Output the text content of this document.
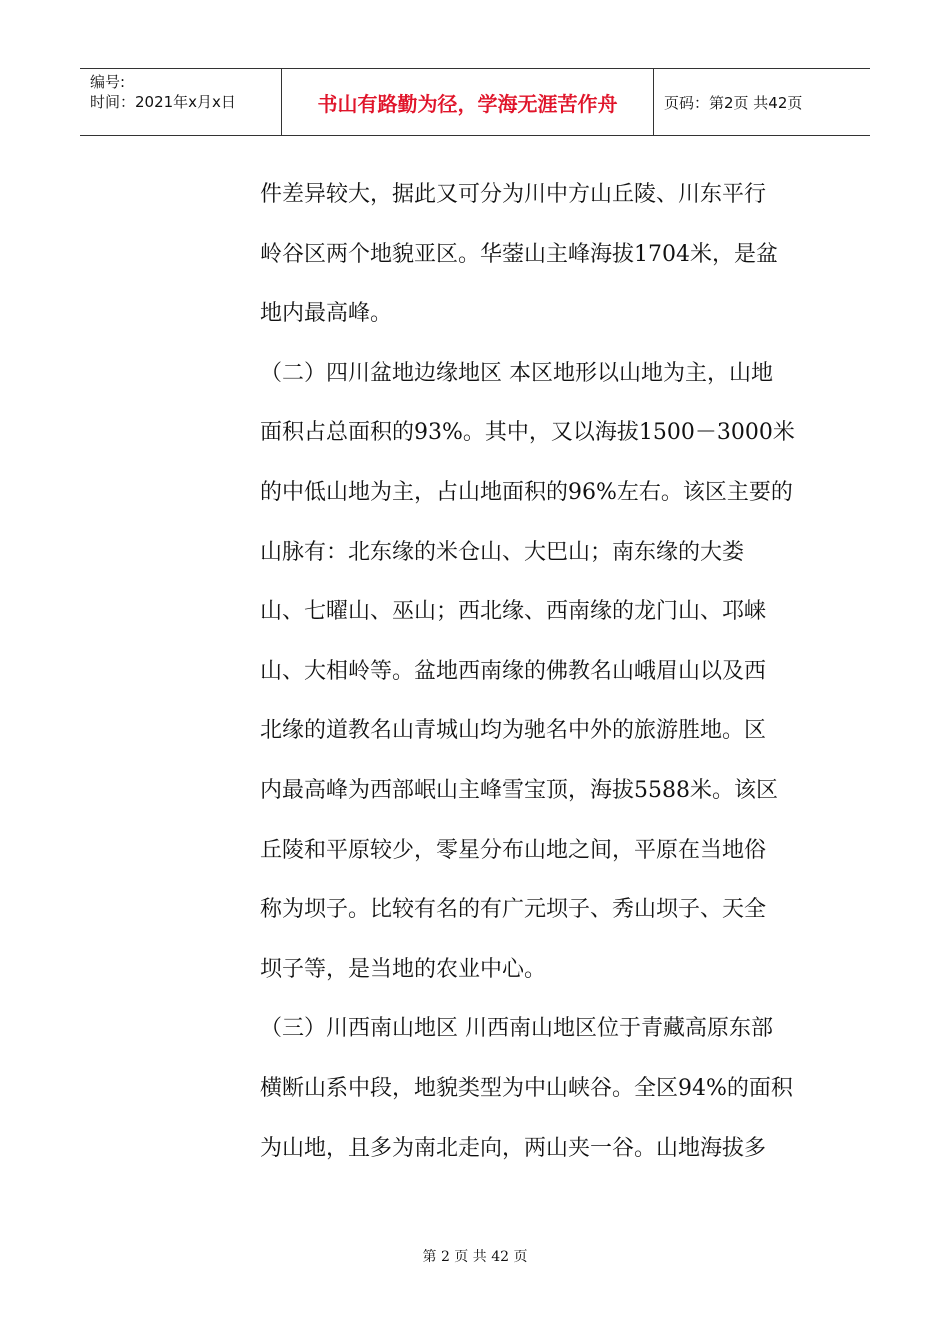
编号:
时间：2021年x月x日	书山有路勤为径，学海无涯苦作舟	页码：第2页 共42页
件差异较大，据此又可分为川中方山丘陵、川东平行
岭谷区两个地貌亚区。华蓥山主峰海拔1704米，是盆
地内最高峰。
（二）四川盆地边缘地区 本区地形以山地为主，山地
面积占总面积的93%。其中，又以海拔1500－3000米
的中低山地为主，占山地面积的96%左右。该区主要的
山脉有：北东缘的米仓山、大巴山；南东缘的大娄
山、七曜山、巫山；西北缘、西南缘的龙门山、邛崃
山、大相岭等。盆地西南缘的佛教名山峨眉山以及西
北缘的道教名山青城山均为驰名中外的旅游胜地。区
内最高峰为西部岷山主峰雪宝顶，海拔5588米。该区
丘陵和平原较少，零星分布山地之间，平原在当地俗
称为坝子。比较有名的有广元坝子、秀山坝子、天全
坝子等，是当地的农业中心。
（三）川西南山地区 川西南山地区位于青藏高原东部
横断山系中段，地貌类型为中山峡谷。全区94%的面积
为山地，且多为南北走向，两山夹一谷。山地海拔多
第 2 页 共 42 页
